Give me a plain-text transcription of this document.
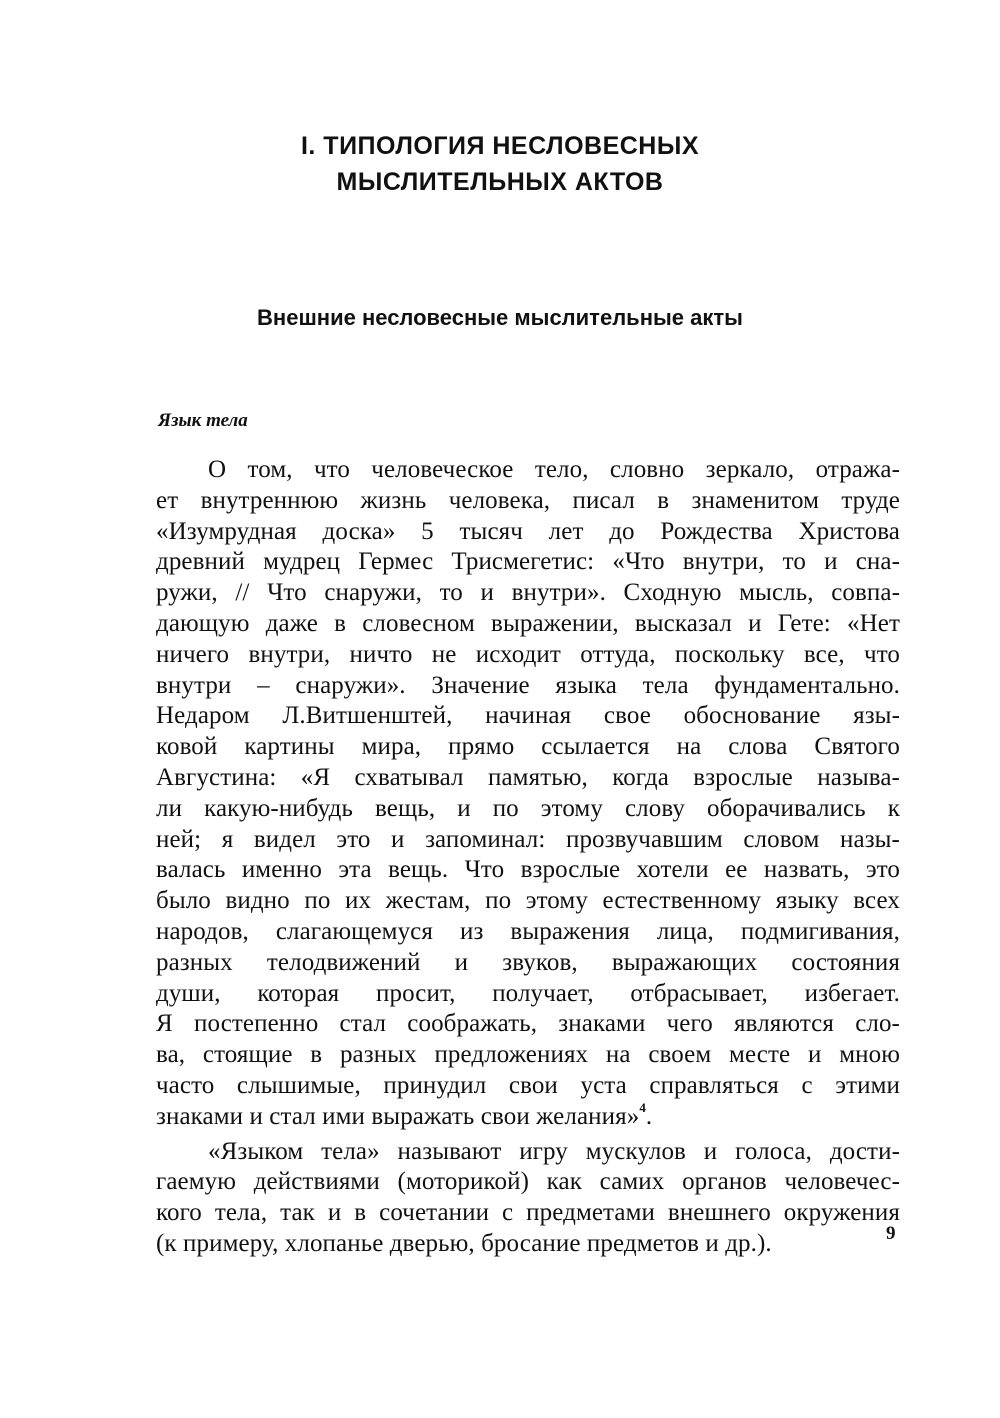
I. ТИПОЛОГИЯ НЕСЛОВЕСНЫХ
МЫСЛИТЕЛЬНЫХ АКТОВ
Внешние несловесные мыслительные акты
Язык тела
О том, что человеческое тело, словно зеркало, отража-
ет внутреннюю жизнь человека, писал в знаменитом труде
«Изумрудная доска» 5 тысяч лет до Рождества Христова
древний мудрец Гермес Трисмегетис: «Что внутри, то и сна-
ружи, // Что снаружи, то и внутри». Сходную мысль, совпа-
дающую даже в словесном выражении, высказал и Гете: «Нет
ничего внутри, ничто не исходит оттуда, поскольку все, что
внутри – снаружи». Значение языка тела фундаментально.
Недаром Л.Витшенштей, начиная свое обоснование язы-
ковой картины мира, прямо ссылается на слова Святого
Августина: «Я схватывал памятью, когда взрослые называ-
ли какую-нибудь вещь, и по этому слову оборачивались к
ней; я видел это и запоминал: прозвучавшим словом назы-
валась именно эта вещь. Что взрослые хотели ее назвать, это
было видно по их жестам, по этому естественному языку всех
народов, слагающемуся из выражения лица, подмигивания,
разных телодвижений и звуков, выражающих состояния
души, которая просит, получает, отбрасывает, избегает.
Я постепенно стал соображать, знаками чего являются сло-
ва, стоящие в разных предложениях на своем месте и мною
часто слышимые, принудил свои уста справляться с этими
знаками и стал ими выражать свои желания»$^4$.
«Языком тела» называют игру мускулов и голоса, дости-
гаемую действиями (моторикой) как самих органов человечес-
кого тела, так и в сочетании с предметами внешнего окружения
(к примеру, хлопанье дверью, бросание предметов и др.).	9
